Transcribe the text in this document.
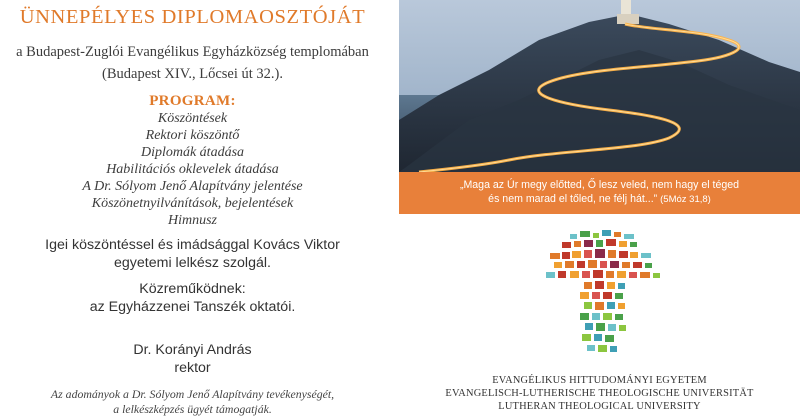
ÜNNEPÉLYES DIPLOMAOSZTÓJÁT
a Budapest-Zuglói Evangélikus Egyházközség templomában
(Budapest XIV., Lőcsei út 32.).
PROGRAM:
Köszöntések
Rektori köszöntő
Diplomák átadása
Habilitációs oklevelek átadása
A Dr. Sólyom Jenő Alapítvány jelentése
Köszönetnyilvánítások, bejelentések
Himnusz
Igei köszöntéssel és imádsággal Kovács Viktor
egyetemi lelkész szolgál.
Közreműködnek:
az Egyházzenei Tanszék oktatói.
Dr. Korányi András
rektor
Az adományok a Dr. Sólyom Jenő Alapítvány tevékenységét,
a lelkészképzés ügyét támogatják.
„Maga az Úr megy előtted, Ő lesz veled, nem hagy el téged
és nem marad el tőled, ne félj hát...” (5Móz 31,8)
EVANGÉLIKUS HITTUDOMÁNYI EGYETEM
EVANGELISCH-LUTHERISCHE THEOLOGISCHE UNIVERSITÄT
LUTHERAN THEOLOGICAL UNIVERSITY
